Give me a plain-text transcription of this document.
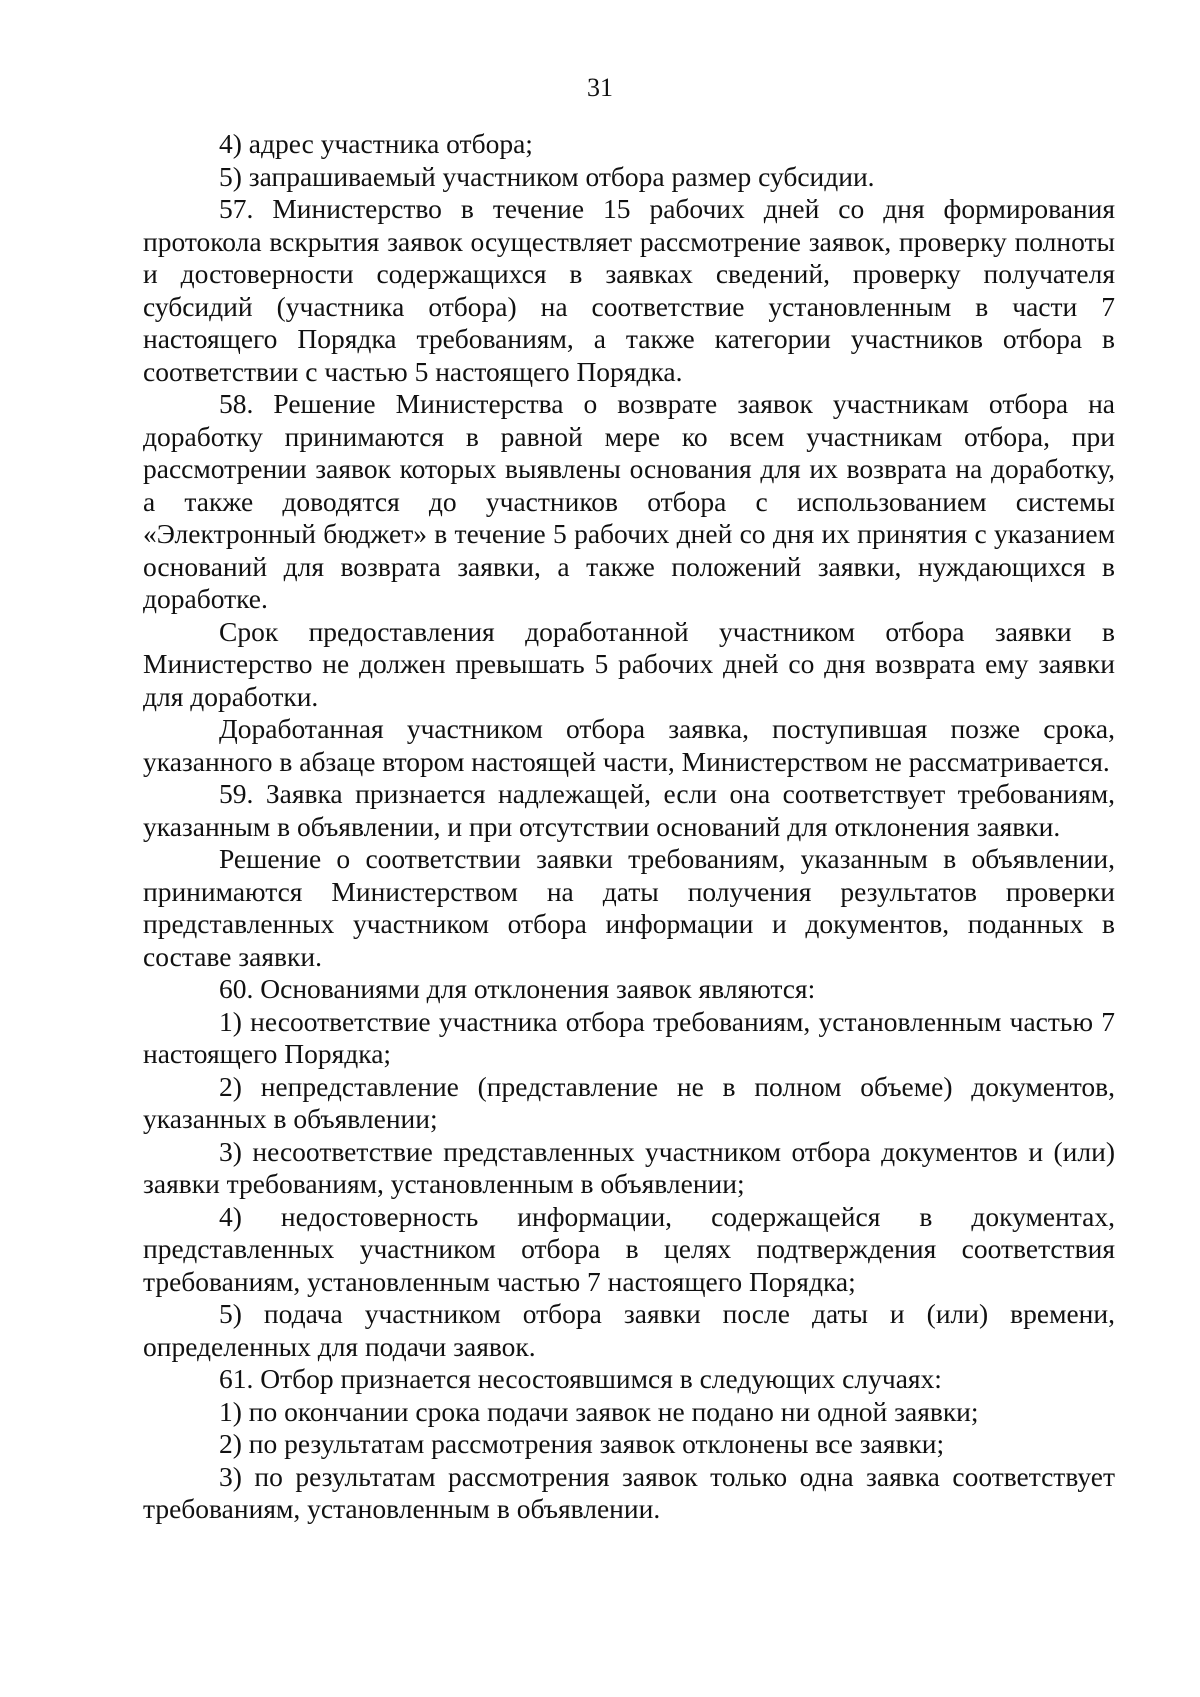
31

4) адрес участника отбора;

5) запрашиваемый участником отбора размер субсидии.

57. Министерство в течение 15 рабочих дней со дня формирования протокола вскрытия заявок осуществляет рассмотрение заявок, проверку полноты и достоверности содержащихся в заявках сведений, проверку получателя субсидий (участника отбора) на соответствие установленным в части 7 настоящего Порядка требованиям, а также категории участников отбора в соответствии с частью 5 настоящего Порядка.

58. Решение Министерства о возврате заявок участникам отбора на доработку принимаются в равной мере ко всем участникам отбора, при рассмотрении заявок которых выявлены основания для их возврата на доработку, а также доводятся до участников отбора с использованием системы «Электронный бюджет» в течение 5 рабочих дней со дня их принятия с указанием оснований для возврата заявки, а также положений заявки, нуждающихся в доработке.

Срок предоставления доработанной участником отбора заявки в Министерство не должен превышать 5 рабочих дней со дня возврата ему заявки для доработки.

Доработанная участником отбора заявка, поступившая позже срока, указанного в абзаце втором настоящей части, Министерством не рассматривается.

59. Заявка признается надлежащей, если она соответствует требованиям, указанным в объявлении, и при отсутствии оснований для отклонения заявки.

Решение о соответствии заявки требованиям, указанным в объявлении, принимаются Министерством на даты получения результатов проверки представленных участником отбора информации и документов, поданных в составе заявки.

60. Основаниями для отклонения заявок являются:

1) несоответствие участника отбора требованиям, установленным частью 7 настоящего Порядка;

2) непредставление (представление не в полном объеме) документов, указанных в объявлении;

3) несоответствие представленных участником отбора документов и (или) заявки требованиям, установленным в объявлении;

4) недостоверность информации, содержащейся в документах, представленных участником отбора в целях подтверждения соответствия требованиям, установленным частью 7 настоящего Порядка;

5) подача участником отбора заявки после даты и (или) времени, определенных для подачи заявок.

61. Отбор признается несостоявшимся в следующих случаях:

1) по окончании срока подачи заявок не подано ни одной заявки;

2) по результатам рассмотрения заявок отклонены все заявки;

3) по результатам рассмотрения заявок только одна заявка соответствует требованиям, установленным в объявлении.
